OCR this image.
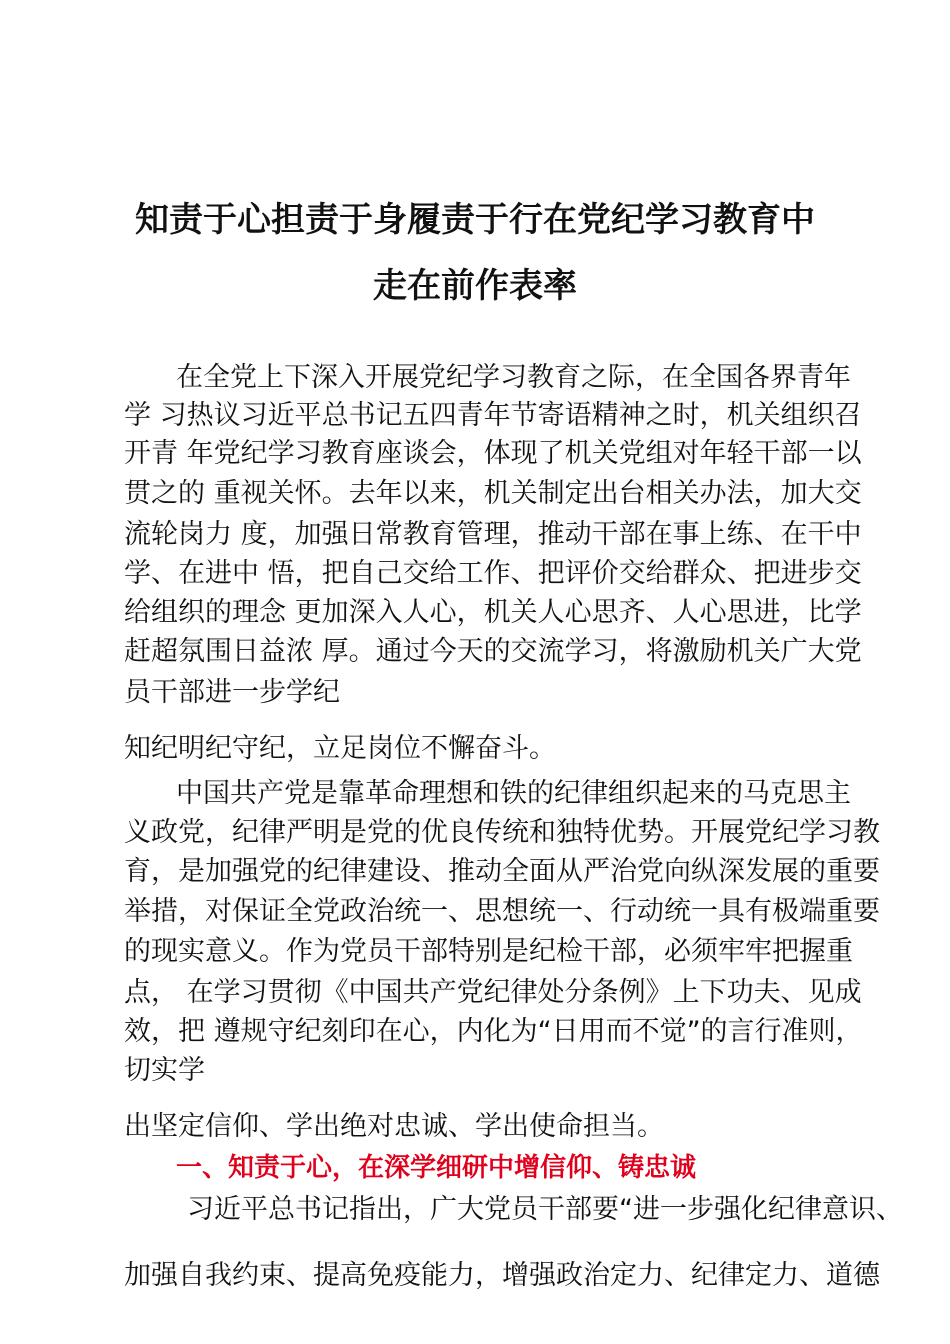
知责于心担责于身履责于行在党纪学习教育中
走在前作表率

在全党上下深入开展党纪学习教育之际，在全国各界青年

学 习热议习近平总书记五四青年节寄语精神之时，机关组织召

开青 年党纪学习教育座谈会，体现了机关党组对年轻干部一以

贯之的 重视关怀。去年以来，机关制定出台相关办法，加大交

流轮岗力 度，加强日常教育管理，推动干部在事上练、在干中

学、在进中 悟，把自己交给工作、把评价交给群众、把进步交

给组织的理念 更加深入人心，机关人心思齐、人心思进，比学

赶超氛围日益浓 厚。通过今天的交流学习，将激励机关广大党

员干部进一步学纪

知纪明纪守纪，立足岗位不懈奋斗。

中国共产党是靠革命理想和铁的纪律组织起来的马克思主

义政党，纪律严明是党的优良传统和独特优势。开展党纪学习教

育，是加强党的纪律建设、推动全面从严治党向纵深发展的重要

举措，对保证全党政治统一、思想统一、行动统一具有极端重要

的现实意义。作为党员干部特别是纪检干部，必须牢牢把握重

点， 在学习贯彻《中国共产党纪律处分条例》上下功夫、见成

效，把 遵规守纪刻印在心，内化为“日用而不觉”的言行准则，

切实学

出坚定信仰、学出绝对忠诚、学出使命担当。

一、知责于心，在深学细研中增信仰、铸忠诚

习近平总书记指出，广大党员干部要“进一步强化纪律意识、

加强自我约束、提高免疫能力，增强政治定力、纪律定力、道德
